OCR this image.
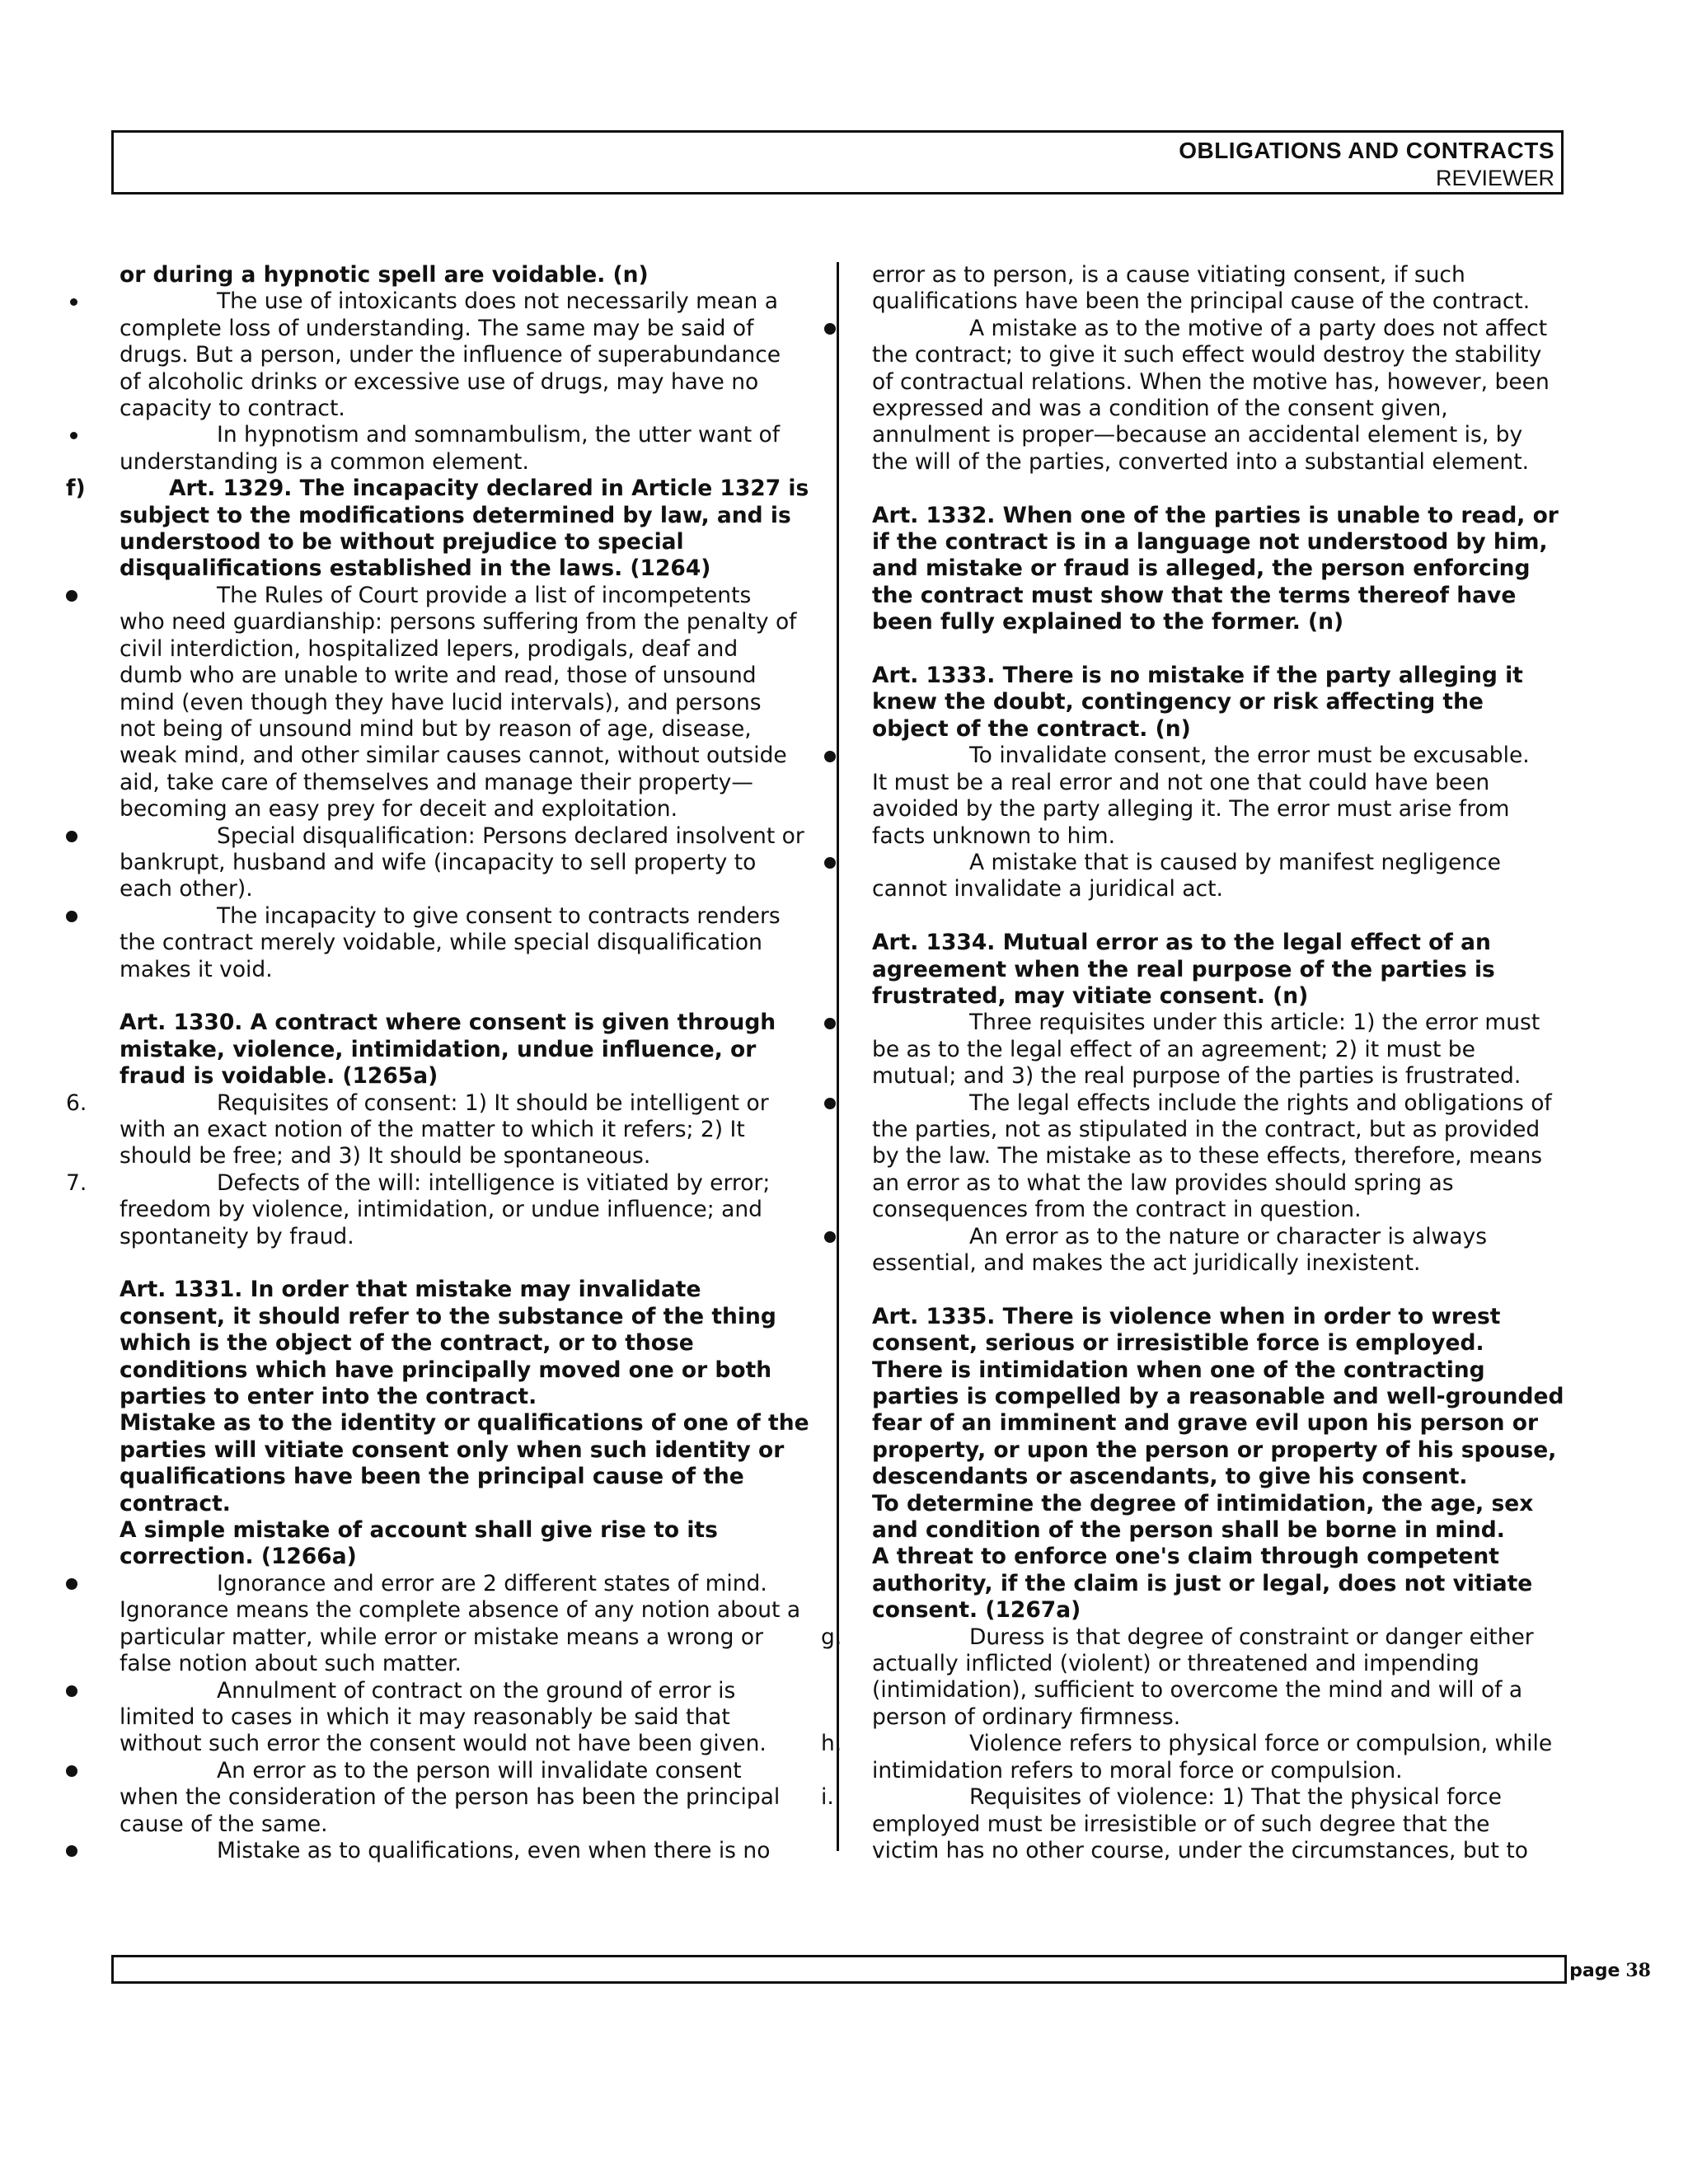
OBLIGATIONS AND CONTRACTS
REVIEWER
or during a hypnotic spell are voidable. (n)
The use of intoxicants does not necessarily mean a
complete loss of understanding. The same may be said of
drugs. But a person, under the influence of superabundance
of alcoholic drinks or excessive use of drugs, may have no
capacity to contract.
In hypnotism and somnambulism, the utter want of
understanding is a common element.
f)	Art. 1329. The incapacity declared in Article 1327 is
subject to the modifications determined by law, and is
understood to be without prejudice to special
disqualifications established in the laws. (1264)
The Rules of Court provide a list of incompetents
who need guardianship: persons suffering from the penalty of
civil interdiction, hospitalized lepers, prodigals, deaf and
dumb who are unable to write and read, those of unsound
mind (even though they have lucid intervals), and persons
not being of unsound mind but by reason of age, disease,
weak mind, and other similar causes cannot, without outside
aid, take care of themselves and manage their property—
becoming an easy prey for deceit and exploitation.
Special disqualification: Persons declared insolvent or
bankrupt, husband and wife (incapacity to sell property to
each other).
The incapacity to give consent to contracts renders
the contract merely voidable, while special disqualification
makes it void.
Art. 1330. A contract where consent is given through
mistake, violence, intimidation, undue influence, or
fraud is voidable. (1265a)
6.	Requisites of consent: 1) It should be intelligent or
with an exact notion of the matter to which it refers; 2) It
should be free; and 3) It should be spontaneous.
7.	Defects of the will: intelligence is vitiated by error;
freedom by violence, intimidation, or undue influence; and
spontaneity by fraud.
Art. 1331. In order that mistake may invalidate
consent, it should refer to the substance of the thing
which is the object of the contract, or to those
conditions which have principally moved one or both
parties to enter into the contract.
Mistake as to the identity or qualifications of one of the
parties will vitiate consent only when such identity or
qualifications have been the principal cause of the
contract.
A simple mistake of account shall give rise to its
correction. (1266a)
Ignorance and error are 2 different states of mind.
Ignorance means the complete absence of any notion about a
particular matter, while error or mistake means a wrong or
false notion about such matter.
Annulment of contract on the ground of error is
limited to cases in which it may reasonably be said that
without such error the consent would not have been given.
An error as to the person will invalidate consent
when the consideration of the person has been the principal
cause of the same.
Mistake as to qualifications, even when there is no
error as to person, is a cause vitiating consent, if such
qualifications have been the principal cause of the contract.
A mistake as to the motive of a party does not affect
the contract; to give it such effect would destroy the stability
of contractual relations. When the motive has, however, been
expressed and was a condition of the consent given,
annulment is proper—because an accidental element is, by
the will of the parties, converted into a substantial element.
Art. 1332. When one of the parties is unable to read, or
if the contract is in a language not understood by him,
and mistake or fraud is alleged, the person enforcing
the contract must show that the terms thereof have
been fully explained to the former. (n)
Art. 1333. There is no mistake if the party alleging it
knew the doubt, contingency or risk affecting the
object of the contract. (n)
To invalidate consent, the error must be excusable.
It must be a real error and not one that could have been
avoided by the party alleging it. The error must arise from
facts unknown to him.
A mistake that is caused by manifest negligence
cannot invalidate a juridical act.
Art. 1334. Mutual error as to the legal effect of an
agreement when the real purpose of the parties is
frustrated, may vitiate consent. (n)
Three requisites under this article: 1) the error must
be as to the legal effect of an agreement; 2) it must be
mutual; and 3) the real purpose of the parties is frustrated.
The legal effects include the rights and obligations of
the parties, not as stipulated in the contract, but as provided
by the law. The mistake as to these effects, therefore, means
an error as to what the law provides should spring as
consequences from the contract in question.
An error as to the nature or character is always
essential, and makes the act juridically inexistent.
Art. 1335. There is violence when in order to wrest
consent, serious or irresistible force is employed.
There is intimidation when one of the contracting
parties is compelled by a reasonable and well-grounded
fear of an imminent and grave evil upon his person or
property, or upon the person or property of his spouse,
descendants or ascendants, to give his consent.
To determine the degree of intimidation, the age, sex
and condition of the person shall be borne in mind.
A threat to enforce one's claim through competent
authority, if the claim is just or legal, does not vitiate
consent. (1267a)
g.	Duress is that degree of constraint or danger either
actually inflicted (violent) or threatened and impending
(intimidation), sufficient to overcome the mind and will of a
person of ordinary firmness.
h.	Violence refers to physical force or compulsion, while
intimidation refers to moral force or compulsion.
i.	Requisites of violence: 1) That the physical force
employed must be irresistible or of such degree that the
victim has no other course, under the circumstances, but to
page 38
